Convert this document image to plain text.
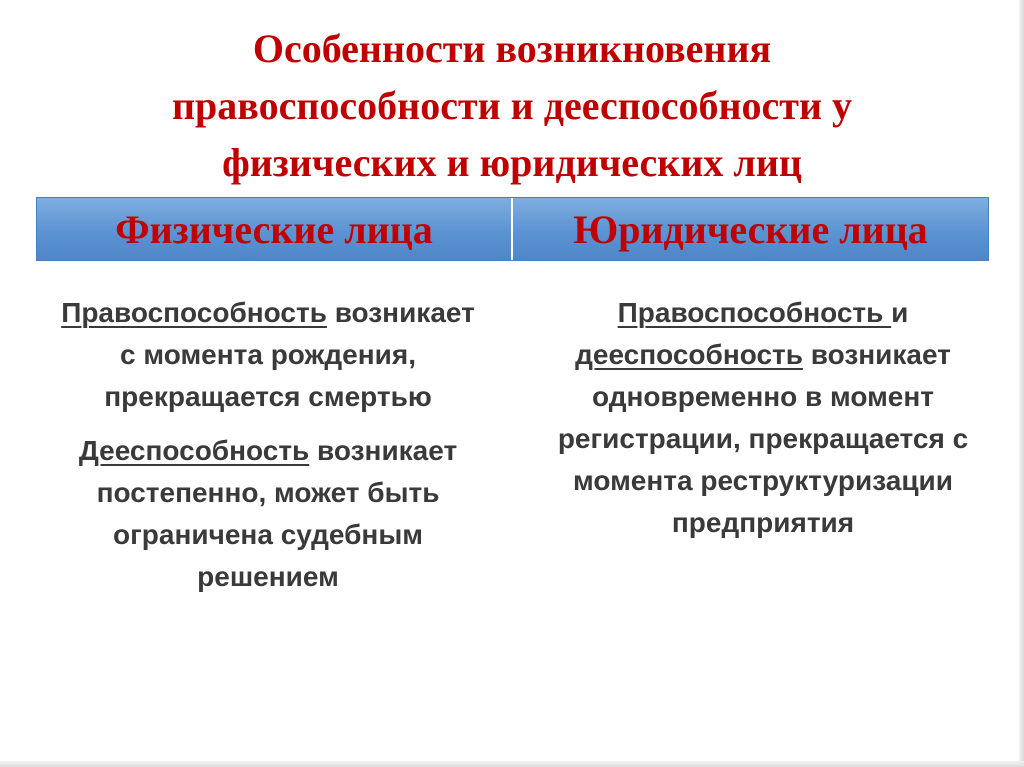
Особенности возникновения
правоспособности и дееспособности у
физических и юридических лиц
Физические лица	Юридические лица

Правоспособность возникает с момента рождения, прекращается смертью

Дееспособность возникает постепенно, может быть ограничена судебным решением

Правоспособность и дееспособность возникает одновременно в момент регистрации, прекращается с момента реструктуризации предприятия
